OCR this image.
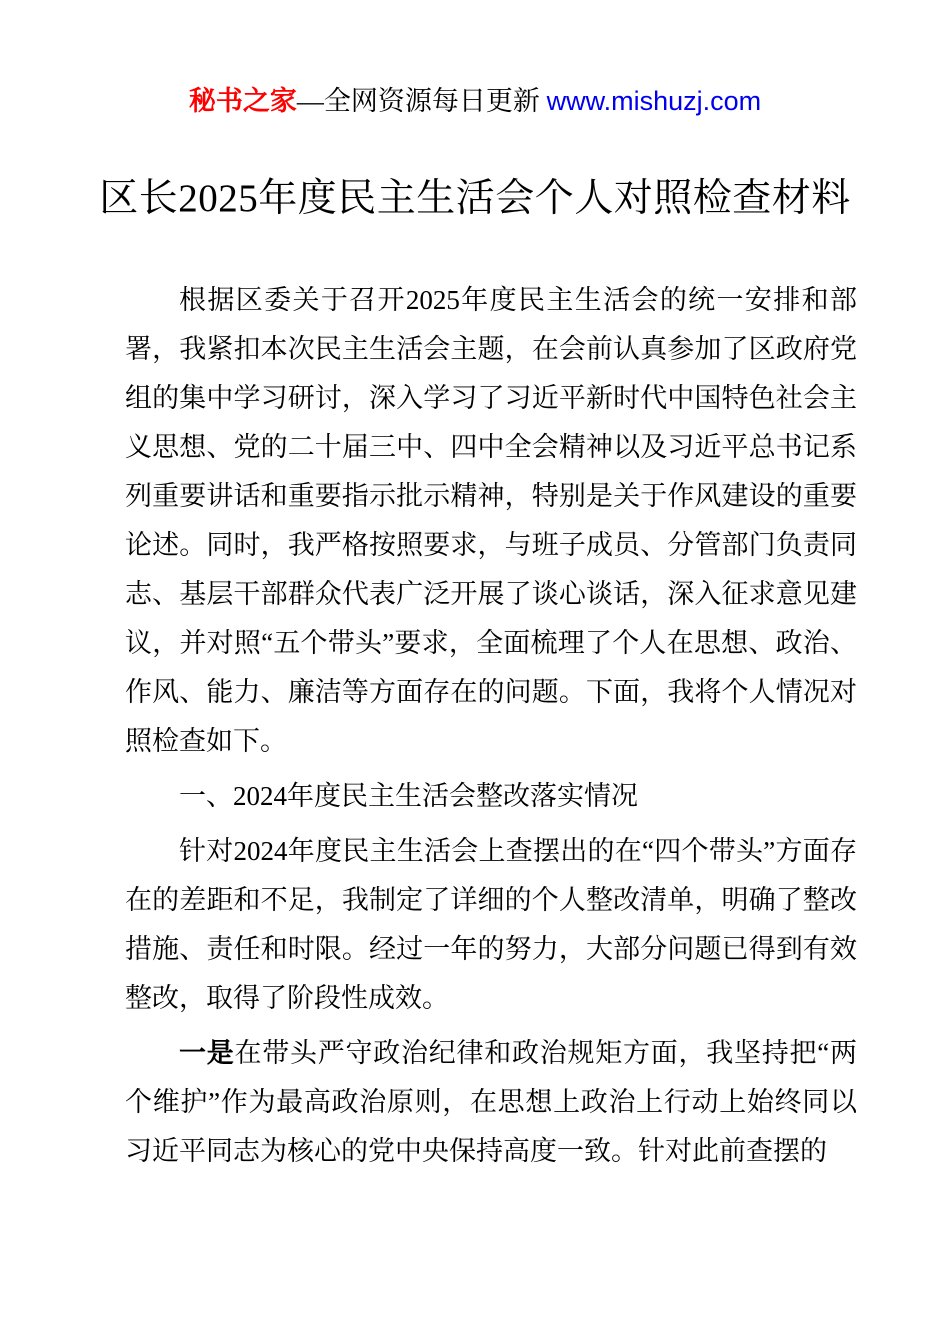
秘书之家—全网资源每日更新 www.mishuzj.com
区长2025年度民主生活会个人对照检查材料

根据区委关于召开2025年度民主生活会的统一安排和部署，我紧扣本次民主生活会主题，在会前认真参加了区政府党组的集中学习研讨，深入学习了习近平新时代中国特色社会主义思想、党的二十届三中、四中全会精神以及习近平总书记系列重要讲话和重要指示批示精神，特别是关于作风建设的重要论述。同时，我严格按照要求，与班子成员、分管部门负责同志、基层干部群众代表广泛开展了谈心谈话，深入征求意见建议，并对照“五个带头”要求，全面梳理了个人在思想、政治、作风、能力、廉洁等方面存在的问题。下面，我将个人情况对照检查如下。

一、2024年度民主生活会整改落实情况

针对2024年度民主生活会上查摆出的在“四个带头”方面存在的差距和不足，我制定了详细的个人整改清单，明确了整改措施、责任和时限。经过一年的努力，大部分问题已得到有效整改，取得了阶段性成效。

一是在带头严守政治纪律和政治规矩方面，我坚持把“两个维护”作为最高政治原则，在思想上政治上行动上始终同以习近平同志为核心的党中央保持高度一致。针对此前查摆的
